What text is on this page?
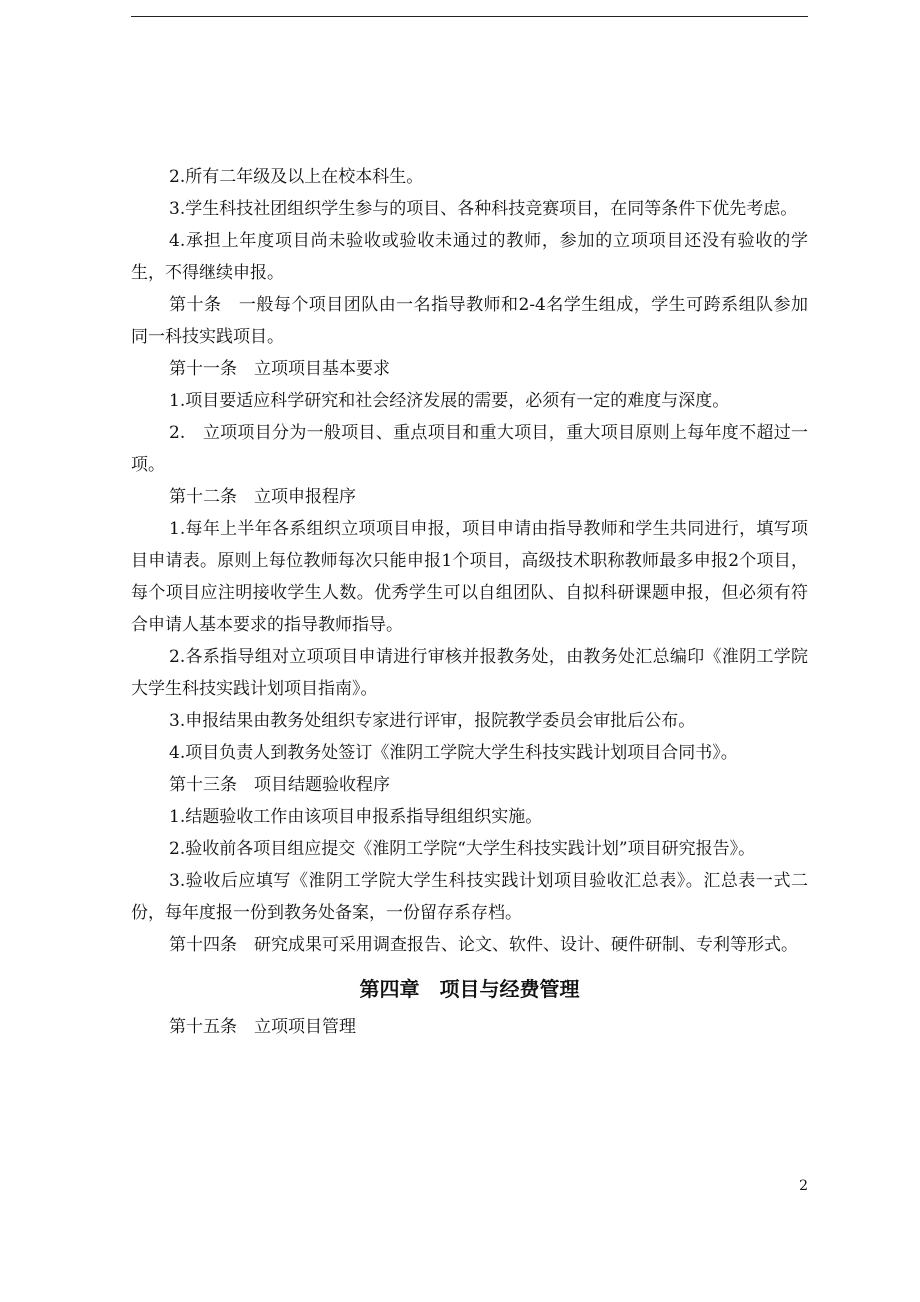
2.所有二年级及以上在校本科生。

3.学生科技社团组织学生参与的项目、各种科技竞赛项目，在同等条件下优先考虑。

4.承担上年度项目尚未验收或验收未通过的教师，参加的立项项目还没有验收的学生，不得继续申报。

第十条　一般每个项目团队由一名指导教师和2-4名学生组成，学生可跨系组队参加同一科技实践项目。

第十一条　立项项目基本要求

1.项目要适应科学研究和社会经济发展的需要，必须有一定的难度与深度。

2.　立项项目分为一般项目、重点项目和重大项目，重大项目原则上每年度不超过一项。

第十二条　立项申报程序

1.每年上半年各系组织立项项目申报，项目申请由指导教师和学生共同进行，填写项目申请表。原则上每位教师每次只能申报1个项目，高级技术职称教师最多申报2个项目，每个项目应注明接收学生人数。优秀学生可以自组团队、自拟科研课题申报，但必须有符合申请人基本要求的指导教师指导。

2.各系指导组对立项项目申请进行审核并报教务处，由教务处汇总编印《淮阴工学院大学生科技实践计划项目指南》。

3.申报结果由教务处组织专家进行评审，报院教学委员会审批后公布。

4.项目负责人到教务处签订《淮阴工学院大学生科技实践计划项目合同书》。

第十三条　项目结题验收程序

1.结题验收工作由该项目申报系指导组组织实施。

2.验收前各项目组应提交《淮阴工学院“大学生科技实践计划”项目研究报告》。

3.验收后应填写《淮阴工学院大学生科技实践计划项目验收汇总表》。汇总表一式二份，每年度报一份到教务处备案，一份留存系存档。

第十四条　研究成果可采用调查报告、论文、软件、设计、硬件研制、专利等形式。

第四章　项目与经费管理

第十五条　立项项目管理

2
